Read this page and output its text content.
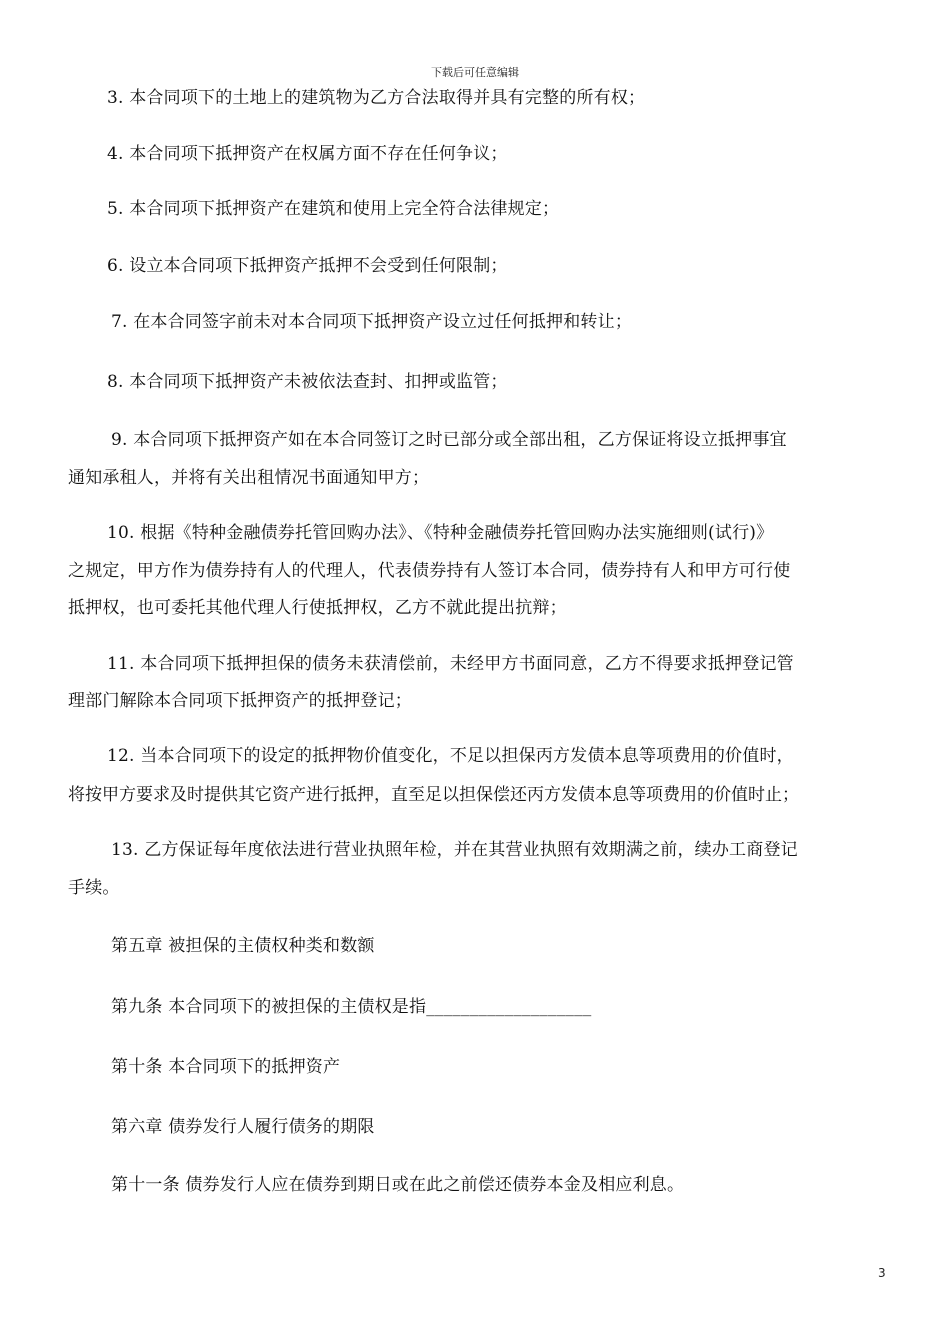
下载后可任意编辑
3. 本合同项下的土地上的建筑物为乙方合法取得并具有完整的所有权；
4. 本合同项下抵押资产在权属方面不存在任何争议；
5. 本合同项下抵押资产在建筑和使用上完全符合法律规定；
6. 设立本合同项下抵押资产抵押不会受到任何限制；
7. 在本合同签字前未对本合同项下抵押资产设立过任何抵押和转让；
8. 本合同项下抵押资产未被依法查封、扣押或监管；
9. 本合同项下抵押资产如在本合同签订之时已部分或全部出租，乙方保证将设立抵押事宜
通知承租人，并将有关出租情况书面通知甲方；
10. 根据《特种金融债券托管回购办法》、《特种金融债券托管回购办法实施细则(试行)》
之规定，甲方作为债券持有人的代理人，代表债券持有人签订本合同，债券持有人和甲方可行使
抵押权，也可委托其他代理人行使抵押权，乙方不就此提出抗辩；
11. 本合同项下抵押担保的债务未获清偿前，未经甲方书面同意，乙方不得要求抵押登记管
理部门解除本合同项下抵押资产的抵押登记；
12. 当本合同项下的设定的抵押物价值变化，不足以担保丙方发债本息等项费用的价值时，
将按甲方要求及时提供其它资产进行抵押，直至足以担保偿还丙方发债本息等项费用的价值时止；
13. 乙方保证每年度依法进行营业执照年检，并在其营业执照有效期满之前，续办工商登记
手续。
第五章 被担保的主债权种类和数额
第九条 本合同项下的被担保的主债权是指___________________
第十条 本合同项下的抵押资产
第六章 债券发行人履行债务的期限
第十一条 债券发行人应在债券到期日或在此之前偿还债券本金及相应利息。
3
